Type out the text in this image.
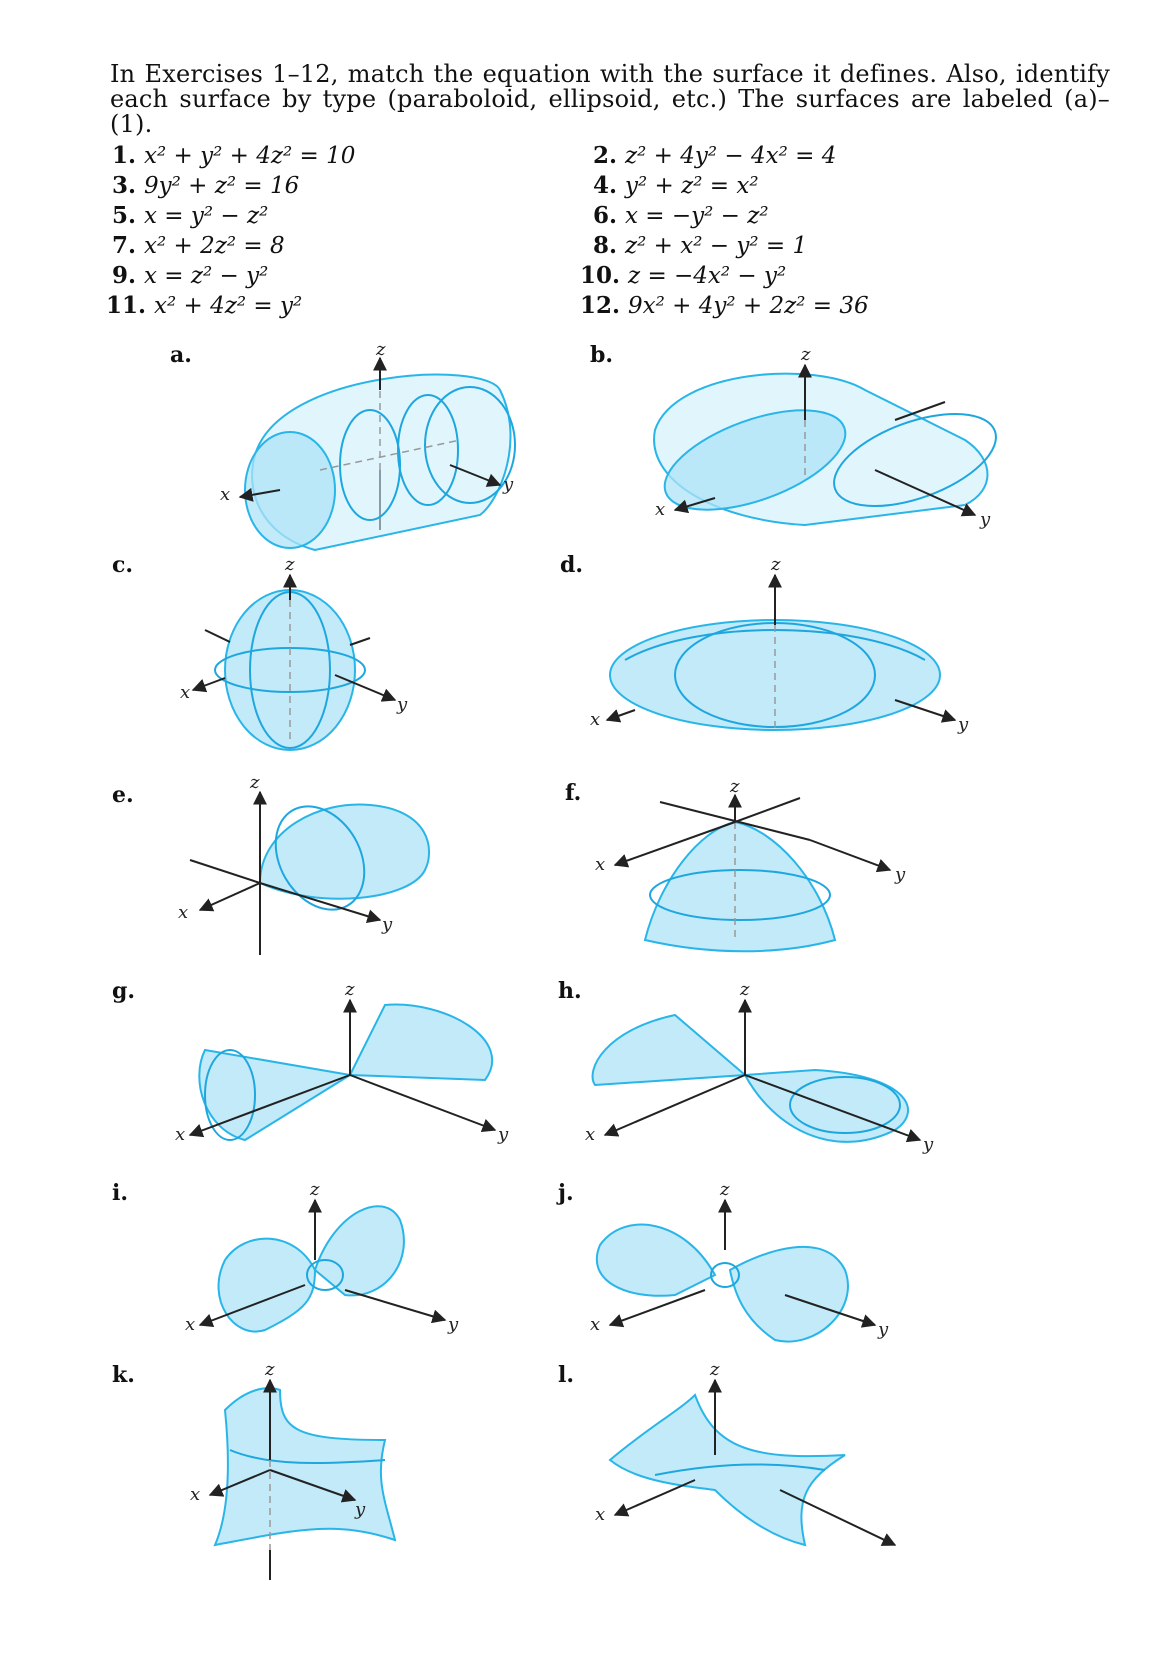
In Exercises 1–12, match the equation with the surface it defines. Also, identify each surface by type (paraboloid, ellipsoid, etc.) The surfaces are labeled (a)–(1).
1. x² + y² + 4z² = 10	2. z² + 4y² − 4x² = 4
3. 9y² + z² = 16	4. y² + z² = x²
5. x = y² − z²	6. x = −y² − z²
7. x² + 2z² = 8	8. z² + x² − y² = 1
9. x = z² − y²	10. z = −4x² − y²
11. x² + 4z² = y²	12. 9x² + 4y² + 2z² = 36
a.	b.
c.	d.
e.	f.
g.	h.
i.	j.
k.	l.
z
x	y
z
x	y
z
x
y
z
x	y
z
x
y
z
x	y
z
x	y
z
x	y
z
x	y
z
x	y
z
x
y
z
x
